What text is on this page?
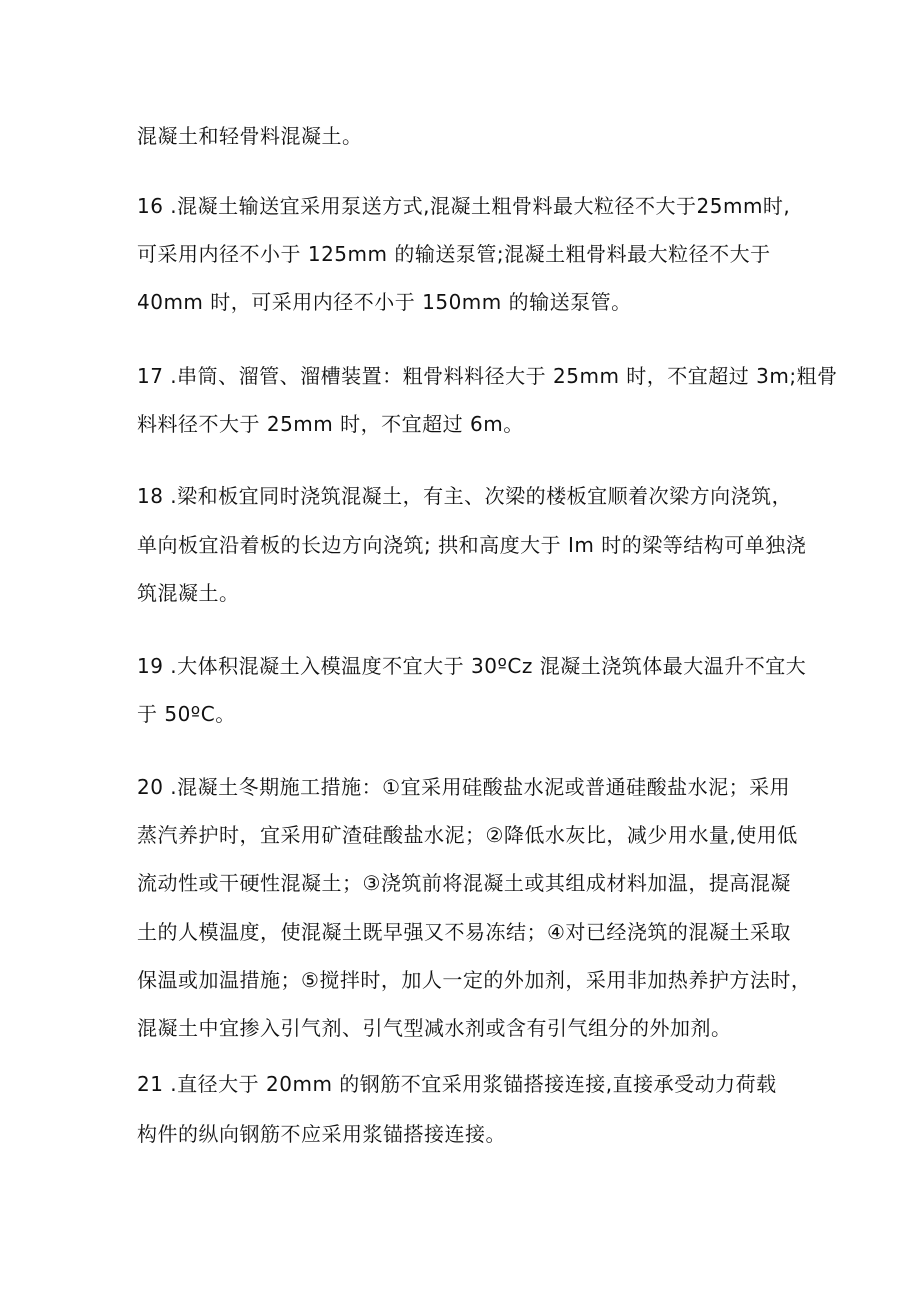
混凝土和轻骨料混凝土。
16 .混凝土输送宜采用泵送方式,混凝土粗骨料最大粒径不大于25mm时,
可采用内径不小于 125mm 的输送泵管;混凝土粗骨料最大粒径不大于
40mm 时，可采用内径不小于 150mm 的输送泵管。
17 .串筒、溜管、溜槽装置：粗骨料料径大于 25mm 时，不宜超过 3m;粗骨
料料径不大于 25mm 时，不宜超过 6m。
18 .梁和板宜同时浇筑混凝土，有主、次梁的楼板宜顺着次梁方向浇筑，
单向板宜沿着板的长边方向浇筑; 拱和高度大于 Im 时的梁等结构可单独浇
筑混凝土。
19 .大体积混凝土入模温度不宜大于 30ºCz 混凝土浇筑体最大温升不宜大
于 50ºC。
20 .混凝土冬期施工措施：①宜采用硅酸盐水泥或普通硅酸盐水泥；采用
蒸汽养护时，宜采用矿渣硅酸盐水泥；②降低水灰比，减少用水量,使用低
流动性或干硬性混凝土；③浇筑前将混凝土或其组成材料加温，提高混凝
土的人模温度，使混凝土既早强又不易冻结；④对已经浇筑的混凝土采取
保温或加温措施；⑤搅拌时，加人一定的外加剂，采用非加热养护方法时，
混凝土中宜掺入引气剂、引气型减水剂或含有引气组分的外加剂。
21 .直径大于 20mm 的钢筋不宜采用浆锚搭接连接,直接承受动力荷载
构件的纵向钢筋不应采用浆锚搭接连接。
